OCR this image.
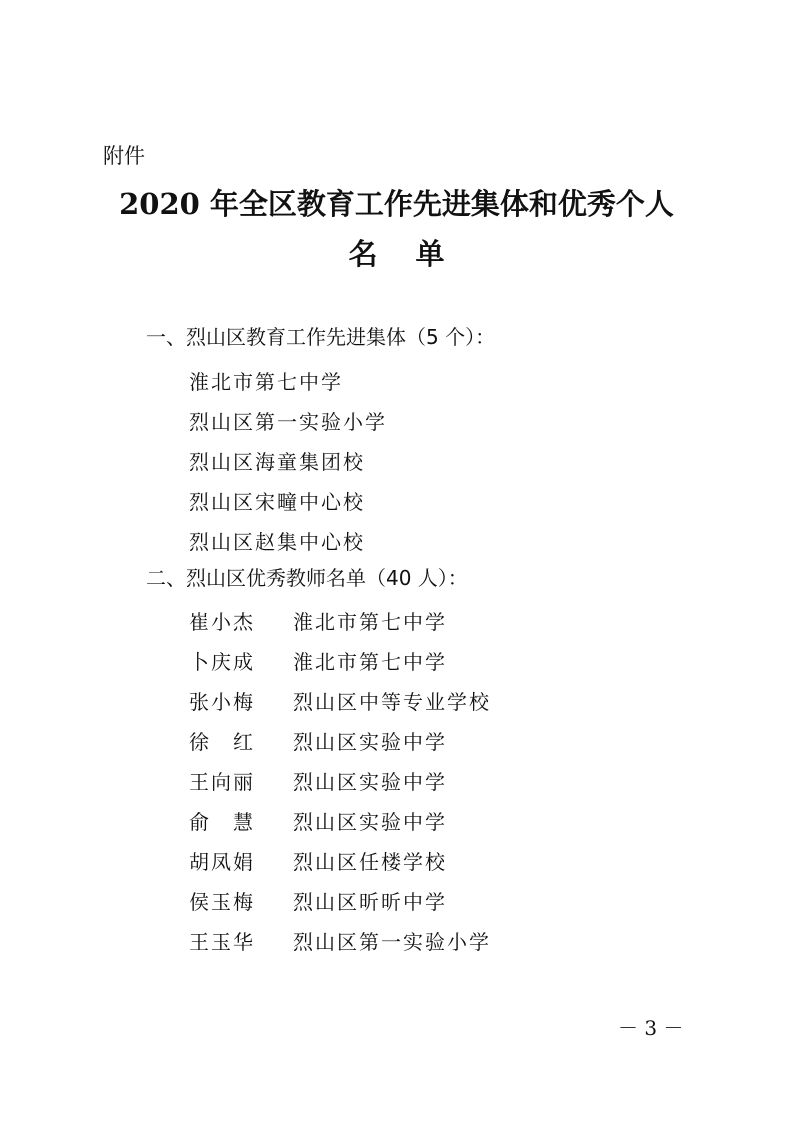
附件
2020 年全区教育工作先进集体和优秀个人
名单
一、烈山区教育工作先进集体（5 个）：
淮北市第七中学
烈山区第一实验小学
烈山区海童集团校
烈山区宋疃中心校
烈山区赵集中心校
二、烈山区优秀教师名单（40 人）：
崔小杰 淮北市第七中学
卜庆成 淮北市第七中学
张小梅 烈山区中等专业学校
徐　红 烈山区实验中学
王向丽 烈山区实验中学
俞　慧 烈山区实验中学
胡凤娟 烈山区任楼学校
侯玉梅 烈山区昕昕中学
王玉华 烈山区第一实验小学
－ 3 －
